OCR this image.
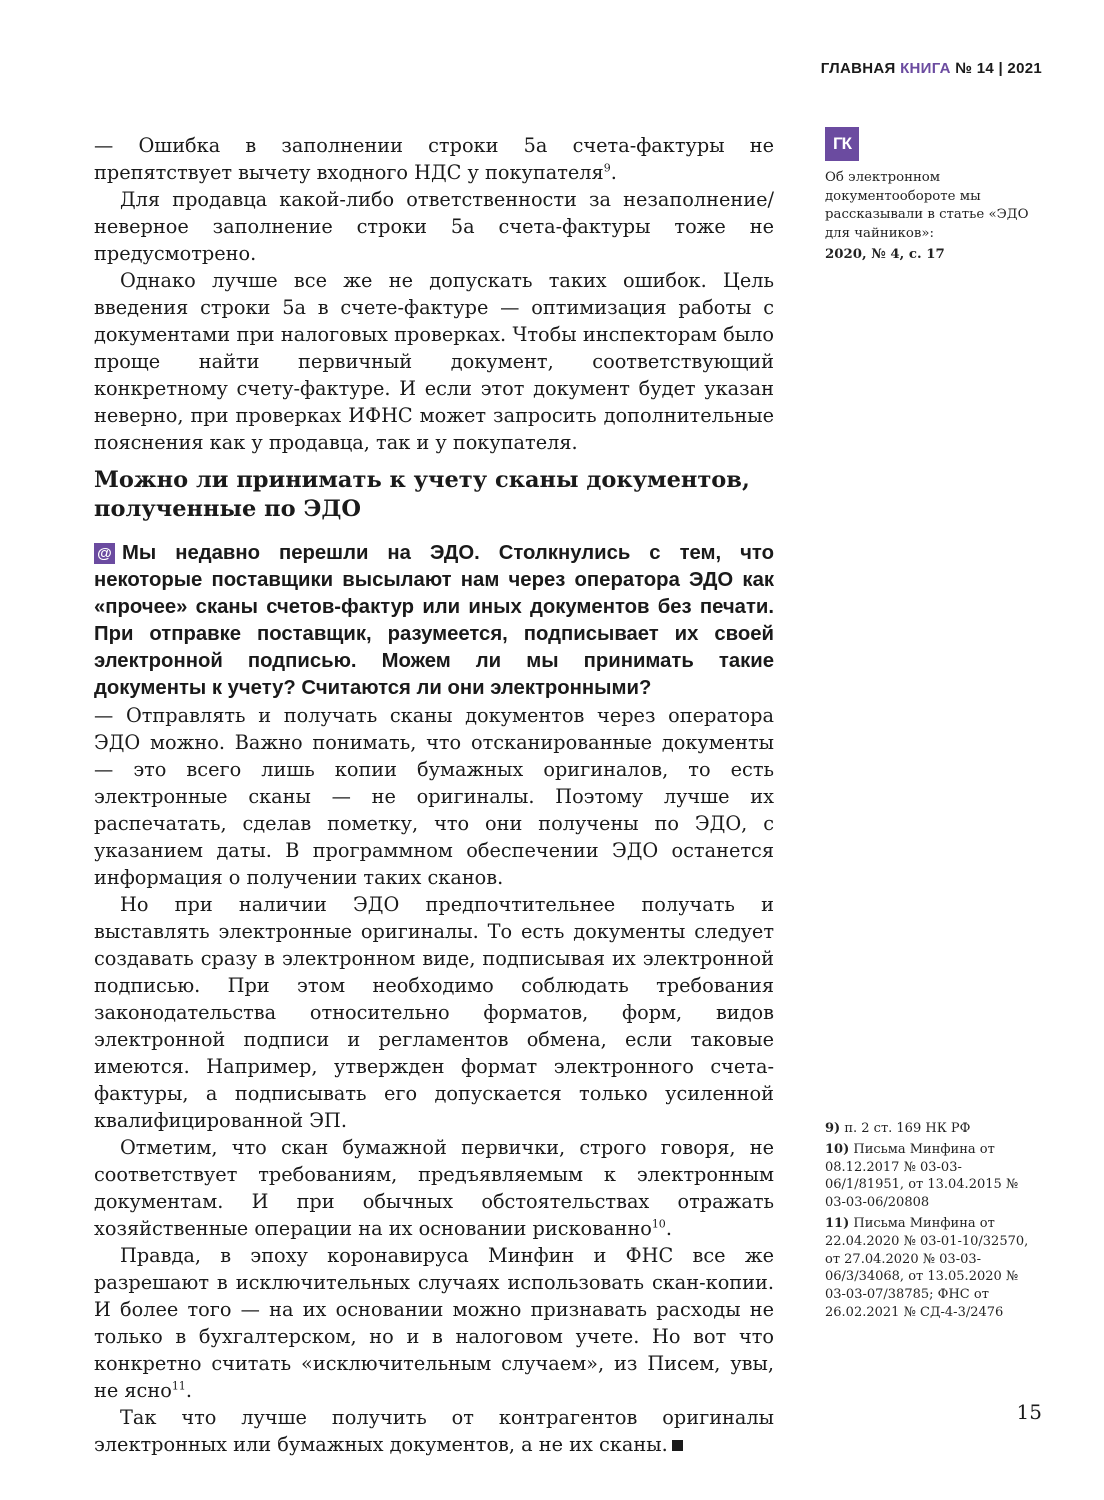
ГЛАВНАЯ КНИГА № 14 | 2021

— Ошибка в заполнении строки 5а счета-фактуры не препятствует вычету входного НДС у покупателя$^9$.

Для продавца какой-либо ответственности за незаполнение/неверное заполнение строки 5а счета-фактуры тоже не предусмотрено.

Однако лучше все же не допускать таких ошибок. Цель введения строки 5а в счете-фактуре — оптимизация работы с документами при налоговых проверках. Чтобы инспекторам было проще найти первичный документ, соответствующий конкретному счету-фактуре. И если этот документ будет указан неверно, при проверках ИФНС может запросить дополнительные пояснения как у продавца, так и у покупателя.

Можно ли принимать к учету сканы документов, полученные по ЭДО
@ Мы недавно перешли на ЭДО. Столкнулись с тем, что некоторые поставщики высылают нам через оператора ЭДО как «прочее» сканы счетов-фактур или иных документов без печати. При отправке поставщик, разумеется, подписывает их своей электронной подписью. Можем ли мы принимать такие документы к учету? Считаются ли они электронными?

— Отправлять и получать сканы документов через оператора ЭДО можно. Важно понимать, что отсканированные документы — это всего лишь копии бумажных оригиналов, то есть электронные сканы — не оригиналы. Поэтому лучше их распечатать, сделав пометку, что они получены по ЭДО, с указанием даты. В программном обеспечении ЭДО останется информация о получении таких сканов.

Но при наличии ЭДО предпочтительнее получать и выставлять электронные оригиналы. То есть документы следует создавать сразу в электронном виде, подписывая их электронной подписью. При этом необходимо соблюдать требования законодательства относительно форматов, форм, видов электронной подписи и регламентов обмена, если таковые имеются. Например, утвержден формат электронного счета-фактуры, а подписывать его допускается только усиленной квалифицированной ЭП.

Отметим, что скан бумажной первички, строго говоря, не соответствует требованиям, предъявляемым к электронным документам. И при обычных обстоятельствах отражать хозяйственные операции на их основании рискованно$^{10}$.

Правда, в эпоху коронавируса Минфин и ФНС все же разрешают в исключительных случаях использовать скан-копии. И более того — на их основании можно признавать расходы не только в бухгалтерском, но и в налоговом учете. Но вот что конкретно считать «исключительным случаем», из Писем, увы, не ясно$^{11}$.

Так что лучше получить от контрагентов оригиналы электронных или бумажных документов, а не их сканы.

ГК
Об электронном документообороте мы рассказывали в статье «ЭДО для чайников»:
2020, № 4, с. 17
9) п. 2 ст. 169 НК РФ
10) Письма Минфина от 08.12.2017 № 03-03-06/1/81951, от 13.04.2015 № 03-03-06/20808
11) Письма Минфина от 22.04.2020 № 03-01-10/32570, от 27.04.2020 № 03-03-06/3/34068, от 13.05.2020 № 03-03-07/38785; ФНС от 26.02.2021 № СД-4-3/2476
15
